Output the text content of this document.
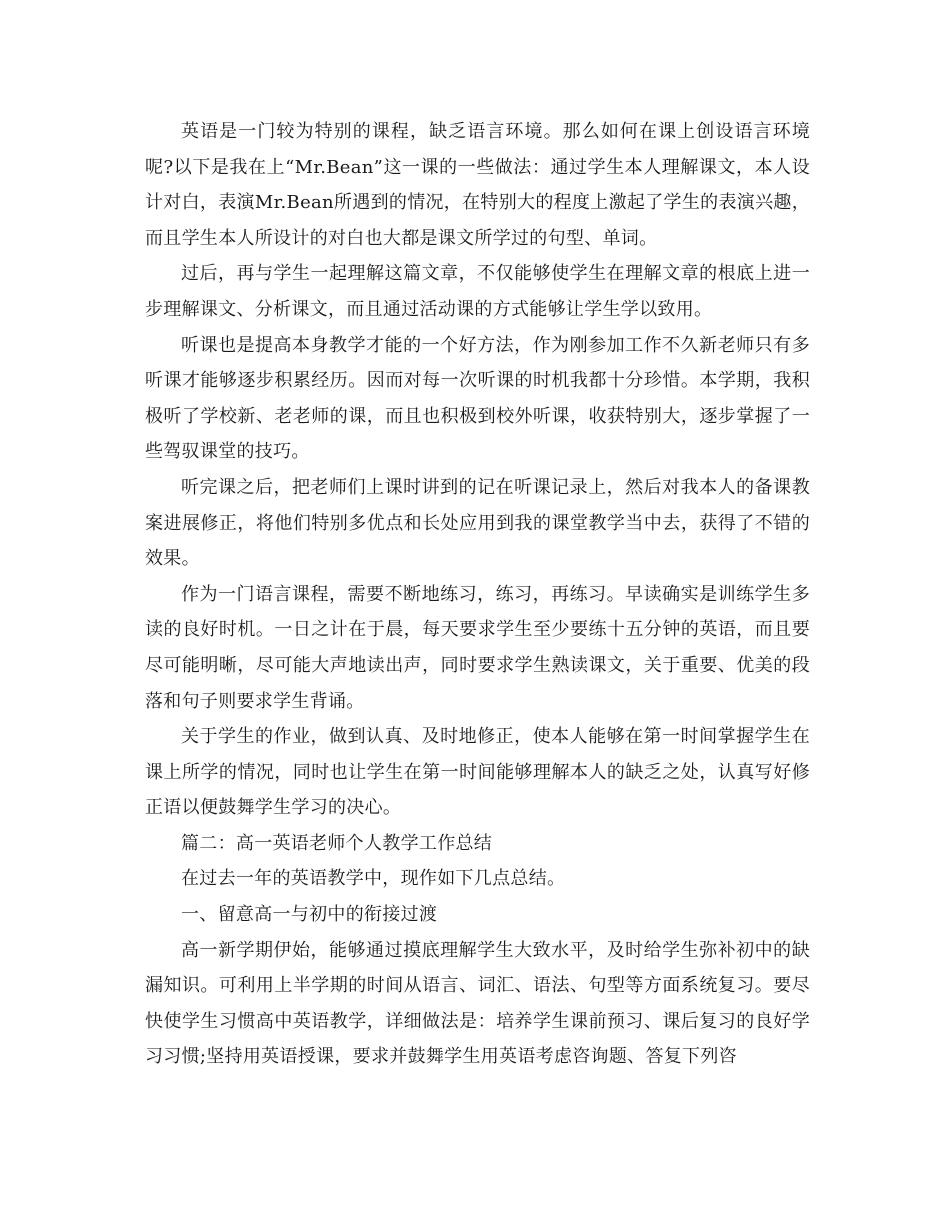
英语是一门较为特别的课程，缺乏语言环境。那么如何在课上创设语言环境呢?以下是我在上“Mr.Bean”这一课的一些做法：通过学生本人理解课文，本人设计对白，表演Mr.Bean所遇到的情况，在特别大的程度上激起了学生的表演兴趣，而且学生本人所设计的对白也大都是课文所学过的句型、单词。

过后，再与学生一起理解这篇文章，不仅能够使学生在理解文章的根底上进一步理解课文、分析课文，而且通过活动课的方式能够让学生学以致用。

听课也是提高本身教学才能的一个好方法，作为刚参加工作不久新老师只有多听课才能够逐步积累经历。因而对每一次听课的时机我都十分珍惜。本学期，我积极听了学校新、老老师的课，而且也积极到校外听课，收获特别大，逐步掌握了一些驾驭课堂的技巧。

听完课之后，把老师们上课时讲到的记在听课记录上，然后对我本人的备课教案进展修正，将他们特别多优点和长处应用到我的课堂教学当中去，获得了不错的效果。

作为一门语言课程，需要不断地练习，练习，再练习。早读确实是训练学生多读的良好时机。一日之计在于晨，每天要求学生至少要练十五分钟的英语，而且要尽可能明晰，尽可能大声地读出声，同时要求学生熟读课文，关于重要、优美的段落和句子则要求学生背诵。

关于学生的作业，做到认真、及时地修正，使本人能够在第一时间掌握学生在课上所学的情况，同时也让学生在第一时间能够理解本人的缺乏之处，认真写好修正语以便鼓舞学生学习的决心。

篇二：高一英语老师个人教学工作总结

在过去一年的英语教学中，现作如下几点总结。

一、留意高一与初中的衔接过渡

高一新学期伊始，能够通过摸底理解学生大致水平，及时给学生弥补初中的缺漏知识。可利用上半学期的时间从语言、词汇、语法、句型等方面系统复习。要尽快使学生习惯高中英语教学，详细做法是：培养学生课前预习、课后复习的良好学习习惯;坚持用英语授课，要求并鼓舞学生用英语考虑咨询题、答复下列咨
